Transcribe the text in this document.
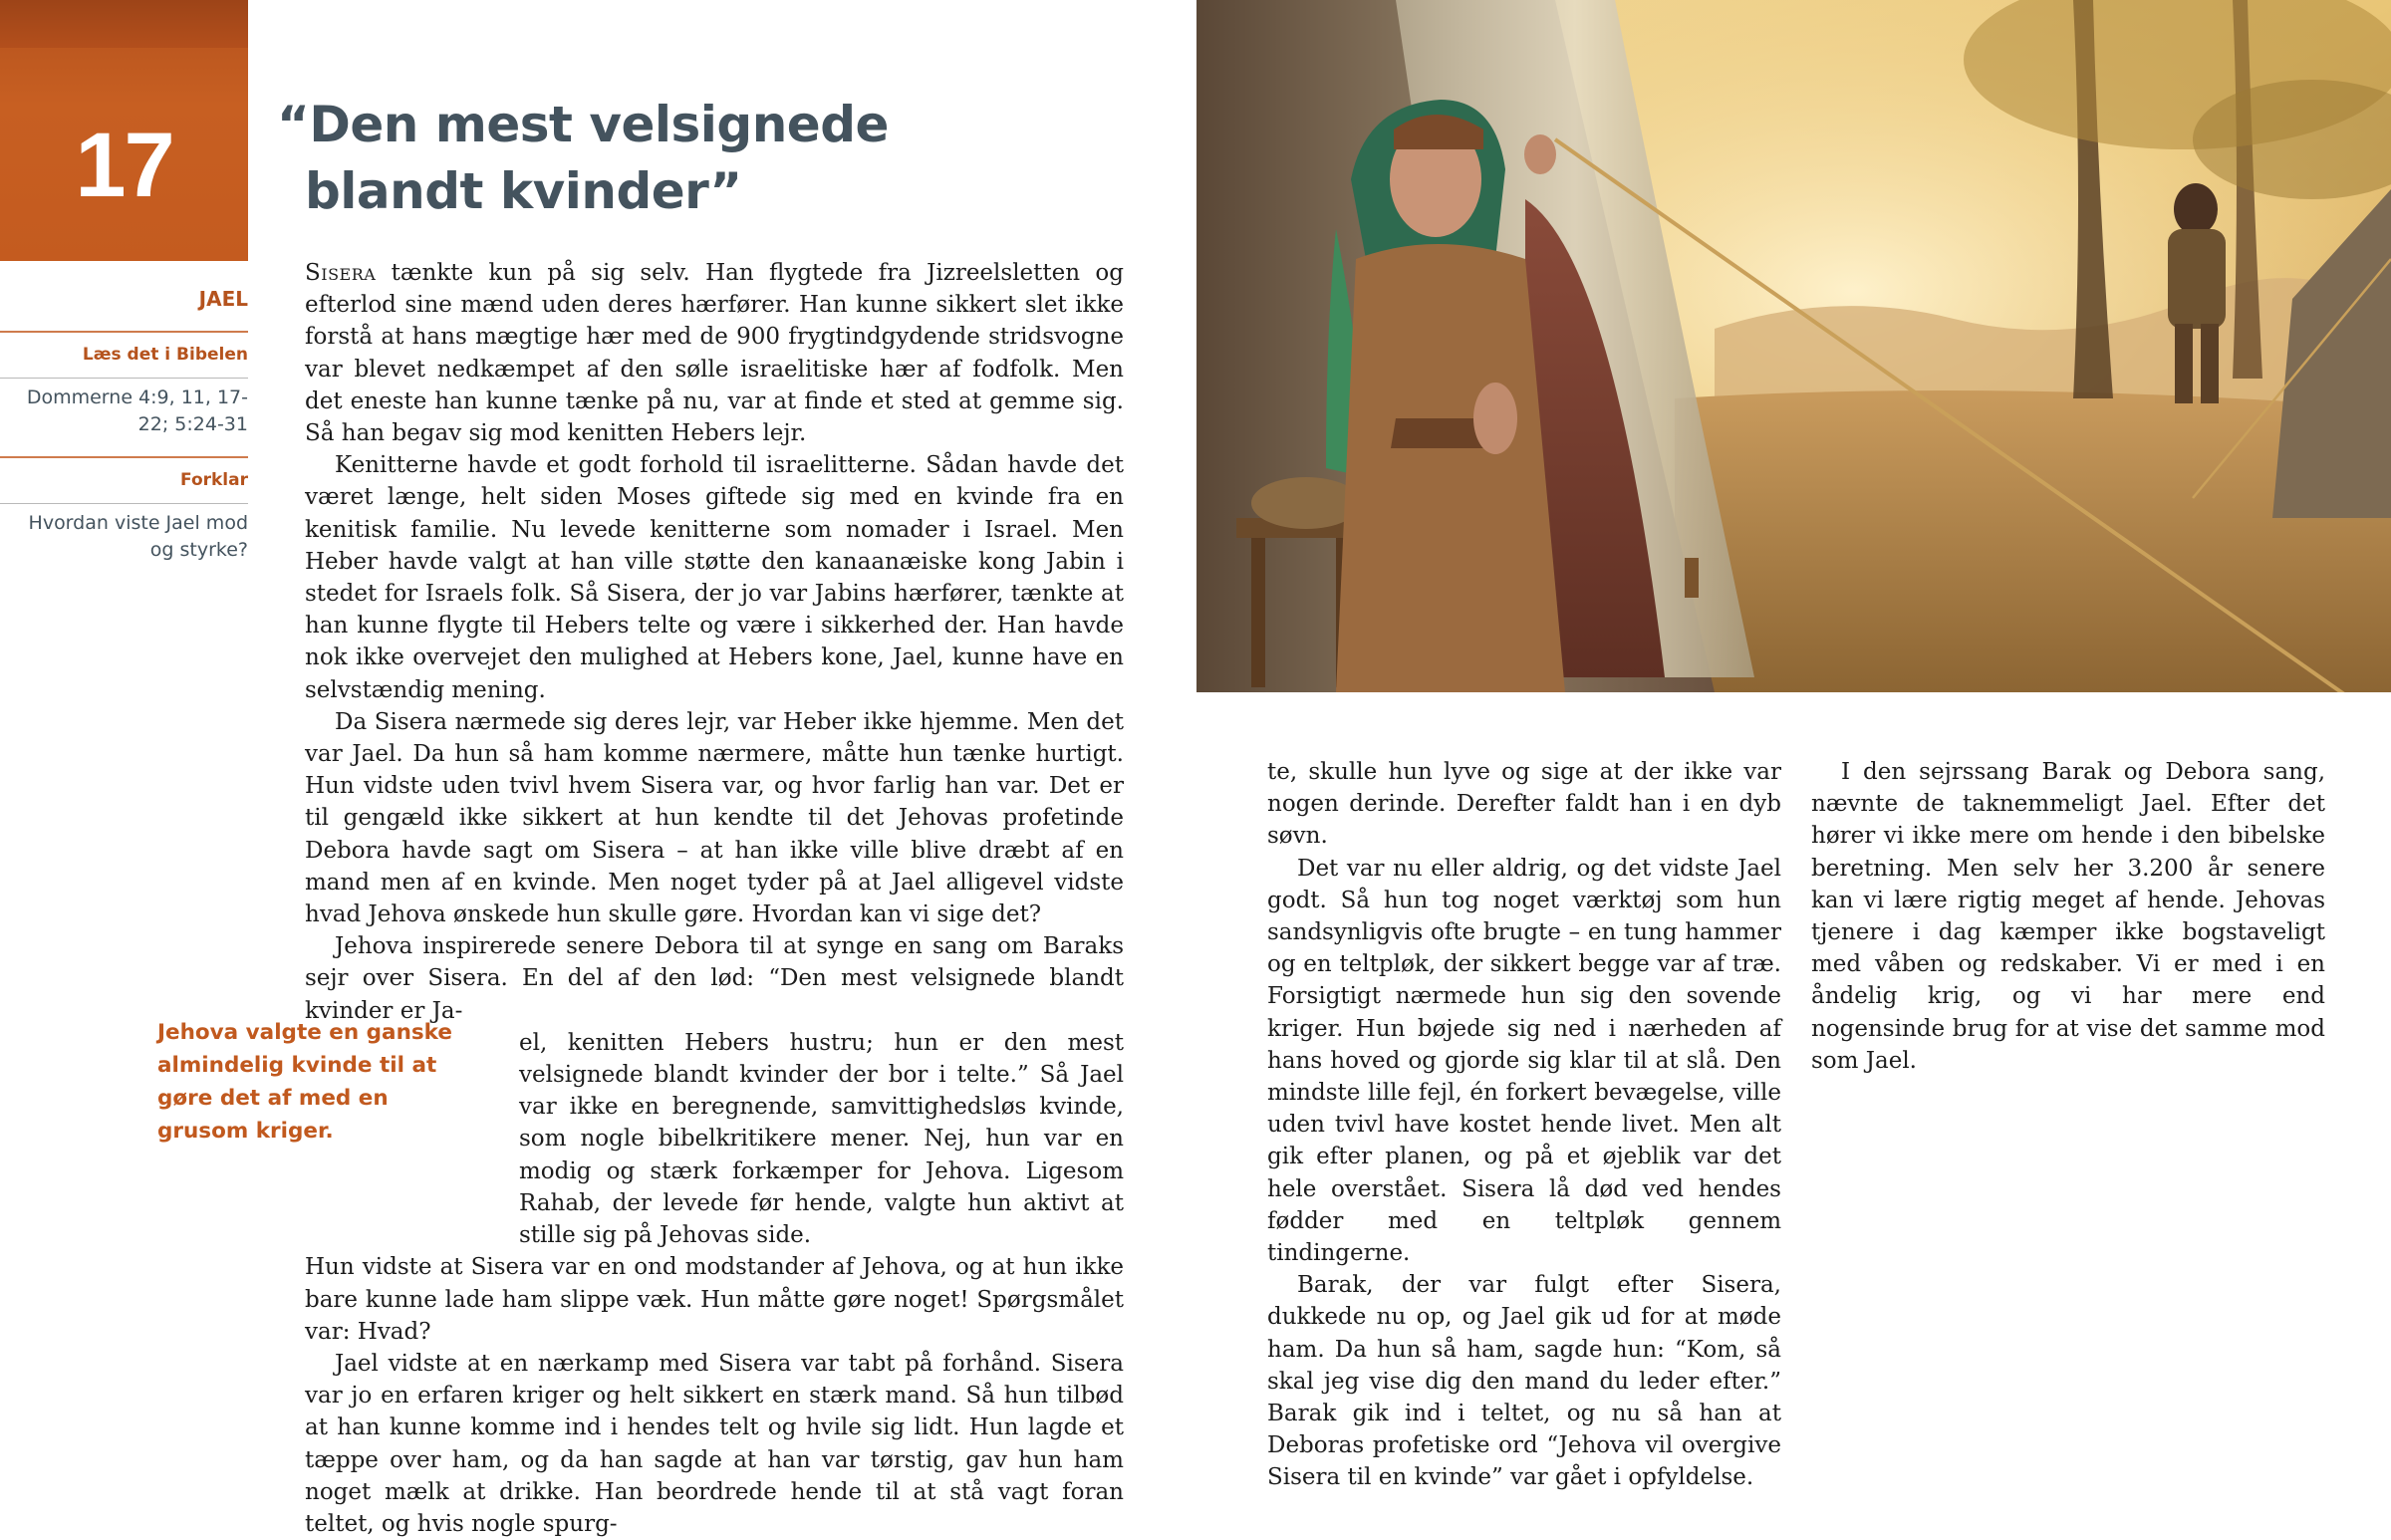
17	“Den mest velsignede
blandt kvinder”
JAEL
Læs det i Bibelen
Dommerne 4:9, 11, 17-22; 5:24-31
Forklar
Hvordan viste Jael mod og styrke?
Jehova valgte en ganske almindelig kvinde til at gøre det af med en grusom kriger.

Sisera tænkte kun på sig selv. Han flygtede fra Jizreelsletten og efterlod sine mænd uden deres hærfører. Han kunne sikkert slet ikke forstå at hans mægtige hær med de 900 frygtindgydende stridsvogne var blevet nedkæmpet af den sølle israelitiske hær af fodfolk. Men det eneste han kunne tænke på nu, var at finde et sted at gemme sig. Så han begav sig mod kenitten Hebers lejr.

Kenitterne havde et godt forhold til israelitterne. Sådan havde det været længe, helt siden Moses giftede sig med en kvinde fra en kenitisk familie. Nu levede kenitterne som nomader i Israel. Men Heber havde valgt at han ville støtte den kanaanæiske kong Jabin i stedet for Israels folk. Så Sisera, der jo var Jabins hærfører, tænkte at han kunne flygte til Hebers telte og være i sikkerhed der. Han havde nok ikke overvejet den mulighed at Hebers kone, Jael, kunne have en selvstændig mening.

Da Sisera nærmede sig deres lejr, var Heber ikke hjemme. Men det var Jael. Da hun så ham komme nærmere, måtte hun tænke hurtigt. Hun vidste uden tvivl hvem Sisera var, og hvor farlig han var. Det er til gengæld ikke sikkert at hun kendte til det Jehovas profetinde Debora havde sagt om Sisera – at han ikke ville blive dræbt af en mand men af en kvinde. Men noget tyder på at Jael alligevel vidste hvad Jehova ønskede hun skulle gøre. Hvordan kan vi sige det?

Jehova inspirerede senere Debora til at synge en sang om Baraks sejr over Sisera. En del af den lød: “Den mest velsignede blandt kvinder er Ja-

el, kenitten Hebers hustru; hun er den mest velsignede blandt kvinder der bor i telte.” Så Jael var ikke en beregnende, samvittighedsløs kvinde, som nogle bibelkritikere mener. Nej, hun var en modig og stærk forkæmper for Jehova. Ligesom Rahab, der levede før hende, valgte hun aktivt at stille sig på Jehovas side.

Hun vidste at Sisera var en ond modstander af Jehova, og at hun ikke bare kunne lade ham slippe væk. Hun måtte gøre noget! Spørgsmålet var: Hvad?

Jael vidste at en nærkamp med Sisera var tabt på forhånd. Sisera var jo en erfaren kriger og helt sikkert en stærk mand. Så hun tilbød at han kunne komme ind i hendes telt og hvile sig lidt. Hun lagde et tæppe over ham, og da han sagde at han var tørstig, gav hun ham noget mælk at drikke. Han beordrede hende til at stå vagt foran teltet, og hvis nogle spurg-

te, skulle hun lyve og sige at der ikke var nogen derinde. Derefter faldt han i en dyb søvn.

Det var nu eller aldrig, og det vidste Jael godt. Så hun tog noget værktøj som hun sandsynligvis ofte brugte – en tung hammer og en teltpløk, der sikkert begge var af træ. Forsigtigt nærmede hun sig den sovende kriger. Hun bøjede sig ned i nærheden af hans hoved og gjorde sig klar til at slå. Den mindste lille fejl, én forkert bevægelse, ville uden tvivl have kostet hende livet. Men alt gik efter planen, og på et øjeblik var det hele overstået. Sisera lå død ved hendes fødder med en teltpløk gennem tindingerne.

Barak, der var fulgt efter Sisera, dukkede nu op, og Jael gik ud for at møde ham. Da hun så ham, sagde hun: “Kom, så skal jeg vise dig den mand du leder efter.” Barak gik ind i teltet, og nu så han at Deboras profetiske ord “Jehova vil overgive Sisera til en kvinde” var gået i opfyldelse.

I den sejrssang Barak og Debora sang, nævnte de taknemmeligt Jael. Efter det hører vi ikke mere om hende i den bibelske beretning. Men selv her 3.200 år senere kan vi lære rigtig meget af hende. Jehovas tjenere i dag kæmper ikke bogstaveligt med våben og redskaber. Vi er med i en åndelig krig, og vi har mere end nogensinde brug for at vise det samme mod som Jael.
